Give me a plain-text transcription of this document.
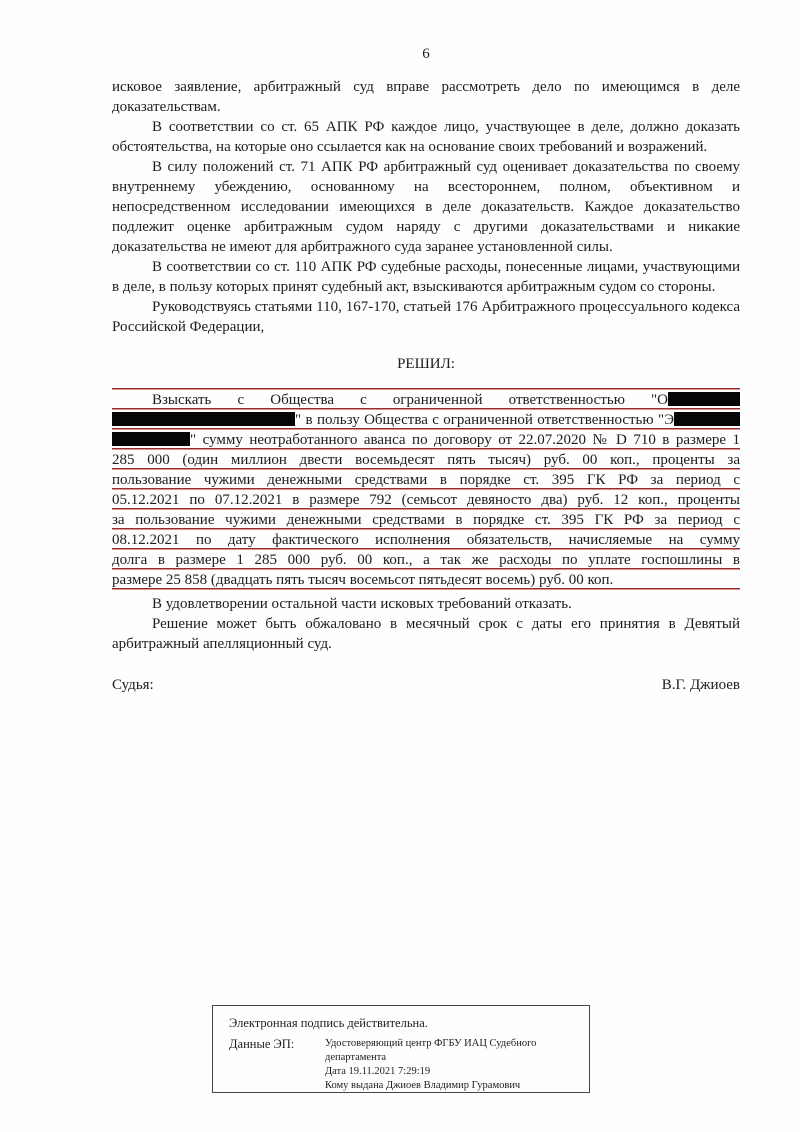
6

исковое заявление, арбитражный суд вправе рассмотреть дело по имеющимся в деле доказательствам.

В соответствии со ст. 65 АПК РФ каждое лицо, участвующее в деле, должно доказать обстоятельства, на которые оно ссылается как на основание своих требований и возражений.

В силу положений ст. 71 АПК РФ арбитражный суд оценивает доказательства по своему внутреннему убеждению, основанному на всестороннем, полном, объективном и непосредственном исследовании имеющихся в деле доказательств. Каждое доказательство подлежит оценке арбитражным судом наряду с другими доказательствами и никакие доказательства не имеют для арбитражного суда заранее установленной силы.

В соответствии со ст. 110 АПК РФ судебные расходы, понесенные лицами, участвующими в деле, в пользу которых принят судебный акт, взыскиваются арбитражным судом со стороны.

Руководствуясь статьями 110, 167-170, статьей 176 Арбитражного процессуального кодекса Российской Федерации,

РЕШИЛ:
Взыскать с Общества с ограниченной ответственностью "О
" в пользу Общества с ограниченной ответственностью "Э
" сумму неотработанного аванса по договору от 22.07.2020 № D 710 в размере 1
285 000 (один миллион двести восемьдесят пять тысяч) руб. 00 коп., проценты за
пользование чужими денежными средствами в порядке ст. 395 ГК РФ за период с
05.12.2021 по 07.12.2021 в размере 792 (семьсот девяносто два) руб. 12 коп., проценты
за пользование чужими денежными средствами в порядке ст. 395 ГК РФ за период с
08.12.2021 по дату фактического исполнения обязательств, начисляемые на сумму
долга в размере 1 285 000 руб. 00 коп., а так же расходы по уплате госпошлины в
размере 25 858 (двадцать пять тысяч восемьсот пятьдесят восемь) руб. 00 коп.

В удовлетворении остальной части исковых требований отказать.

Решение может быть обжаловано в месячный срок с даты его принятия в Девятый арбитражный апелляционный суд.

Судья:	В.Г. Джиоев
Электронная подпись действительна.
Данные ЭП:	Удостоверяющий центр ФГБУ ИАЦ Судебного департамента
Дата 19.11.2021 7:29:19
Кому выдана Джиоев Владимир Гурамович
